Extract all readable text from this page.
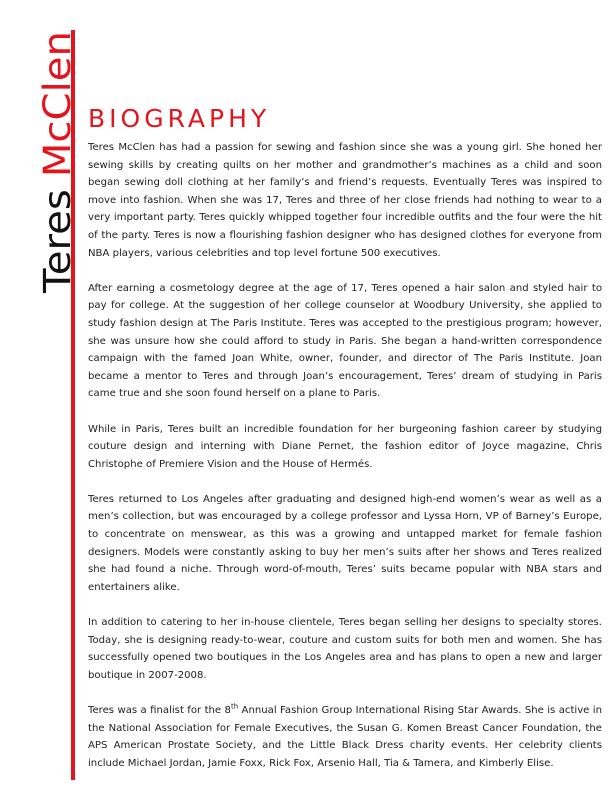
TeresMcClen BIOGRAPHY

Teres McClen has had a passion for sewing and fashion since she was a young girl. She honed her sewing skills by creating quilts on her mother and grandmother’s machines as a child and soon began sewing doll clothing at her family’s and friend’s requests. Eventually Teres was inspired to move into fashion. When she was 17, Teres and three of her close friends had nothing to wear to a very important party. Teres quickly whipped together four incredible outfits and the four were the hit of the party. Teres is now a flourishing fashion designer who has designed clothes for everyone from NBA players, various celebrities and top level fortune 500 executives.

After earning a cosmetology degree at the age of 17, Teres opened a hair salon and styled hair to pay for college. At the suggestion of her college counselor at Woodbury University, she applied to study fashion design at The Paris Institute. Teres was accepted to the prestigious program; however, she was unsure how she could afford to study in Paris. She began a hand-written correspondence campaign with the famed Joan White, owner, founder, and director of The Paris Institute. Joan became a mentor to Teres and through Joan’s encouragement, Teres’ dream of studying in Paris came true and she soon found herself on a plane to Paris.

While in Paris, Teres built an incredible foundation for her burgeoning fashion career by studying couture design and interning with Diane Pernet, the fashion editor of Joyce magazine, Chris Christophe of Premiere Vision and the House of Hermés.

Teres returned to Los Angeles after graduating and designed high-end women’s wear as well as a men’s collection, but was encouraged by a college professor and Lyssa Horn, VP of Barney’s Europe, to concentrate on menswear, as this was a growing and untapped market for female fashion designers. Models were constantly asking to buy her men’s suits after her shows and Teres realized she had found a niche. Through word-of-mouth, Teres’ suits became popular with NBA stars and entertainers alike.

In addition to catering to her in-house clientele, Teres began selling her designs to specialty stores. Today, she is designing ready-to-wear, couture and custom suits for both men and women. She has successfully opened two boutiques in the Los Angeles area and has plans to open a new and larger boutique in 2007-2008.

Teres was a finalist for the 8th Annual Fashion Group International Rising Star Awards. She is active in the National Association for Female Executives, the Susan G. Komen Breast Cancer Foundation, the APS American Prostate Society, and the Little Black Dress charity events. Her celebrity clients include Michael Jordan, Jamie Foxx, Rick Fox, Arsenio Hall, Tia & Tamera, and Kimberly Elise.
